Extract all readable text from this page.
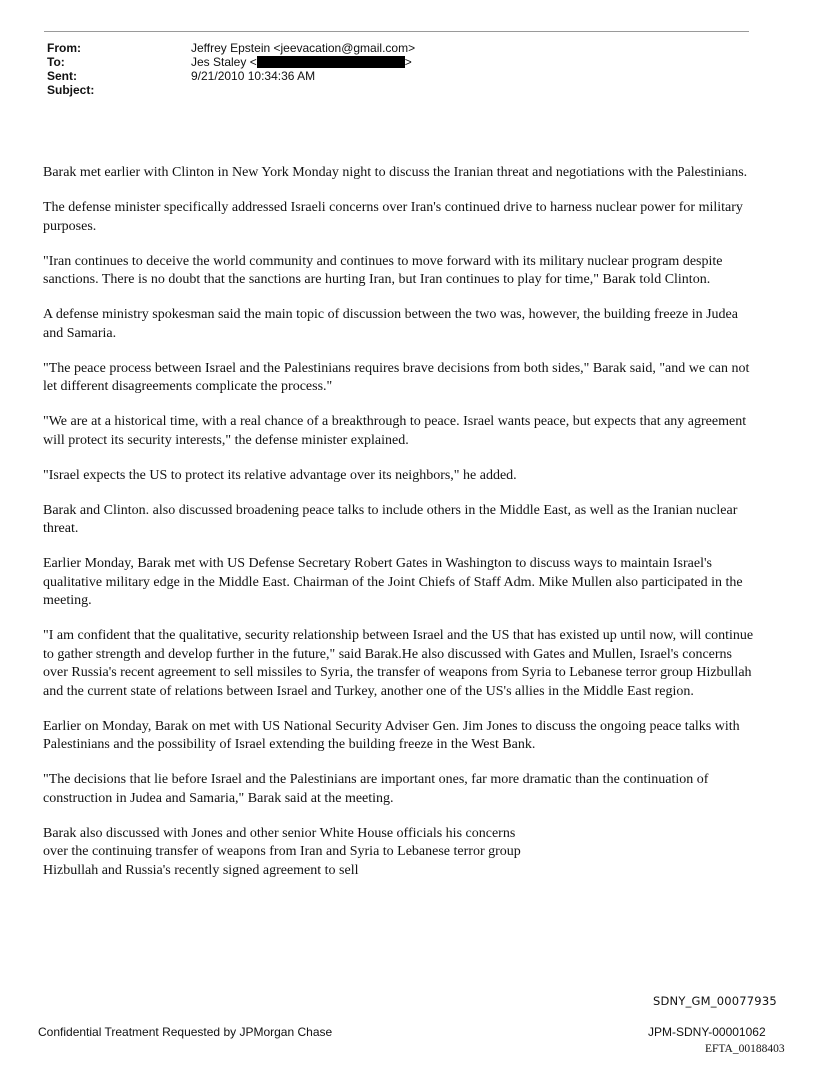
From:	Jeffrey Epstein <jeevacation@gmail.com>
To:	Jes Staley <	>
Sent:	9/21/2010 10:34:36 AM
Subject:

Barak met earlier with Clinton in New York Monday night to discuss the Iranian threat and negotiations with the Palestinians.

The defense minister specifically addressed Israeli concerns over Iran's continued drive to harness nuclear power for military purposes.

"Iran continues to deceive the world community and continues to move forward with its military nuclear program despite sanctions. There is no doubt that the sanctions are hurting Iran, but Iran continues to play for time," Barak told Clinton.

A defense ministry spokesman said the main topic of discussion between the two was, however, the building freeze in Judea and Samaria.

"The peace process between Israel and the Palestinians requires brave decisions from both sides," Barak said, "and we can not let different disagreements complicate the process."

"We are at a historical time, with a real chance of a breakthrough to peace. Israel wants peace, but expects that any agreement will protect its security interests," the defense minister explained.

"Israel expects the US to protect its relative advantage over its neighbors," he added.

Barak and Clinton. also discussed broadening peace talks to include others in the Middle East, as well as the Iranian nuclear threat.

Earlier Monday, Barak met with US Defense Secretary Robert Gates in Washington to discuss ways to maintain Israel's qualitative military edge in the Middle East. Chairman of the Joint Chiefs of Staff Adm. Mike Mullen also participated in the meeting.

"I am confident that the qualitative, security relationship between Israel and the US that has existed up until now, will continue to gather strength and develop further in the future," said Barak.He also discussed with Gates and Mullen, Israel's concerns over Russia's recent agreement to sell missiles to Syria, the transfer of weapons from Syria to Lebanese terror group Hizbullah and the current state of relations between Israel and Turkey, another one of the US's allies in the Middle East region.

Earlier on Monday, Barak on met with US National Security Adviser Gen. Jim Jones to discuss the ongoing peace talks with Palestinians and the possibility of Israel extending the building freeze in the West Bank.

"The decisions that lie before Israel and the Palestinians are important ones, far more dramatic than the continuation of construction in Judea and Samaria," Barak said at the meeting.

Barak also discussed with Jones and other senior White House officials his concerns over the continuing transfer of weapons from Iran and Syria to Lebanese terror group Hizbullah and Russia's recently signed agreement to sell

SDNY_GM_00077935
Confidential Treatment Requested by JPMorgan Chase	JPM-SDNY-00001062
EFTA_00188403
